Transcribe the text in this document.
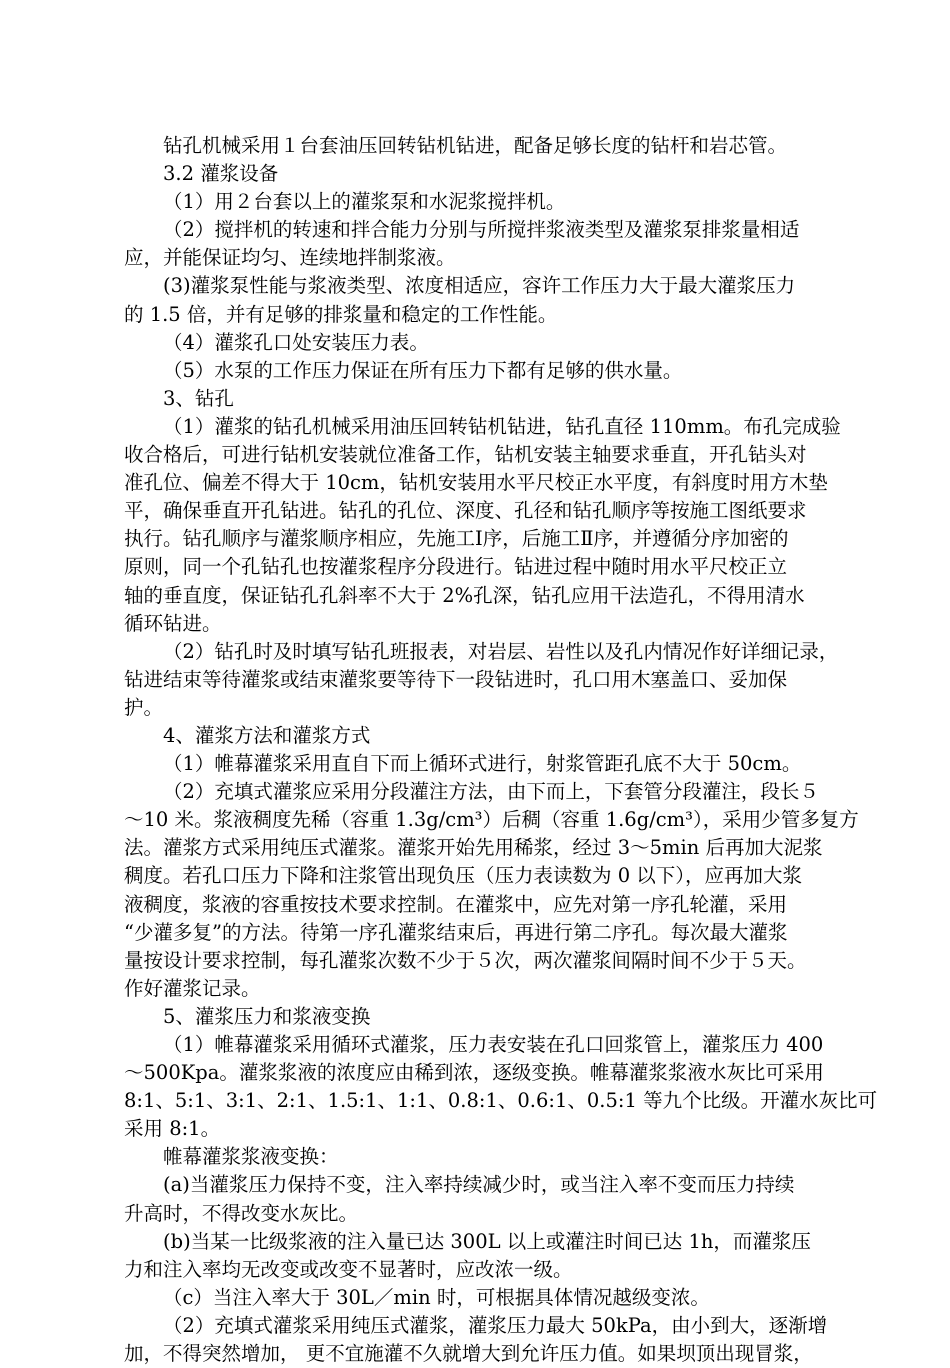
钻孔机械采用１台套油压回转钻机钻进，配备足够长度的钻杆和岩芯管。
3.2 灌浆设备
（1）用２台套以上的灌浆泵和水泥浆搅拌机。
（2）搅拌机的转速和拌合能力分别与所搅拌浆液类型及灌浆泵排浆量相适
应，并能保证均匀、连续地拌制浆液。
(3)灌浆泵性能与浆液类型、浓度相适应，容许工作压力大于最大灌浆压力
的 1.5 倍，并有足够的排浆量和稳定的工作性能。
（4）灌浆孔口处安装压力表。
（5）水泵的工作压力保证在所有压力下都有足够的供水量。
3、钻孔
（1）灌浆的钻孔机械采用油压回转钻机钻进，钻孔直径 110mm。布孔完成验
收合格后，可进行钻机安装就位准备工作，钻机安装主轴要求垂直，开孔钻头对
准孔位、偏差不得大于 10cm，钻机安装用水平尺校正水平度，有斜度时用方木垫
平，确保垂直开孔钻进。钻孔的孔位、深度、孔径和钻孔顺序等按施工图纸要求
执行。钻孔顺序与灌浆顺序相应，先施工Ⅰ序，后施工Ⅱ序，并遵循分序加密的
原则，同一个孔钻孔也按灌浆程序分段进行。钻进过程中随时用水平尺校正立
轴的垂直度，保证钻孔孔斜率不大于 2%孔深，钻孔应用干法造孔，不得用清水
循环钻进。
（2）钻孔时及时填写钻孔班报表，对岩层、岩性以及孔内情况作好详细记录，
钻进结束等待灌浆或结束灌浆要等待下一段钻进时，孔口用木塞盖口、妥加保
护。
4、灌浆方法和灌浆方式
（1）帷幕灌浆采用直自下而上循环式进行，射浆管距孔底不大于 50cm。
（2）充填式灌浆应采用分段灌注方法，由下而上，下套管分段灌注，段长５
～10 米。浆液稠度先稀（容重 1.3g/cm³）后稠（容重 1.6g/cm³），采用少管多复方
法。灌浆方式采用纯压式灌浆。灌浆开始先用稀浆，经过 3～5min 后再加大泥浆
稠度。若孔口压力下降和注浆管出现负压（压力表读数为 0 以下），应再加大浆
液稠度，浆液的容重按技术要求控制。在灌浆中，应先对第一序孔轮灌，采用
“少灌多复”的方法。待第一序孔灌浆结束后，再进行第二序孔。每次最大灌浆
量按设计要求控制，每孔灌浆次数不少于５次，两次灌浆间隔时间不少于５天。
作好灌浆记录。
5、灌浆压力和浆液变换
（1）帷幕灌浆采用循环式灌浆，压力表安装在孔口回浆管上，灌浆压力 400
～500Kpa。灌浆浆液的浓度应由稀到浓，逐级变换。帷幕灌浆浆液水灰比可采用
8:1、5:1、3:1、2:1、1.5:1、1:1、0.8:1、0.6:1、0.5:1 等九个比级。开灌水灰比可
采用 8:1。
帷幕灌浆浆液变换：
(a)当灌浆压力保持不变，注入率持续减少时，或当注入率不变而压力持续
升高时，不得改变水灰比。
(b)当某一比级浆液的注入量已达 300L 以上或灌注时间已达 1h，而灌浆压
力和注入率均无改变或改变不显著时，应改浓一级。
（c）当注入率大于 30L／min 时，可根据具体情况越级变浓。
（2）充填式灌浆采用纯压式灌浆，灌浆压力最大 50kPa，由小到大，逐渐增
加，不得突然增加， 更不宜施灌不久就增大到允许压力值。如果坝顶出现冒浆，
